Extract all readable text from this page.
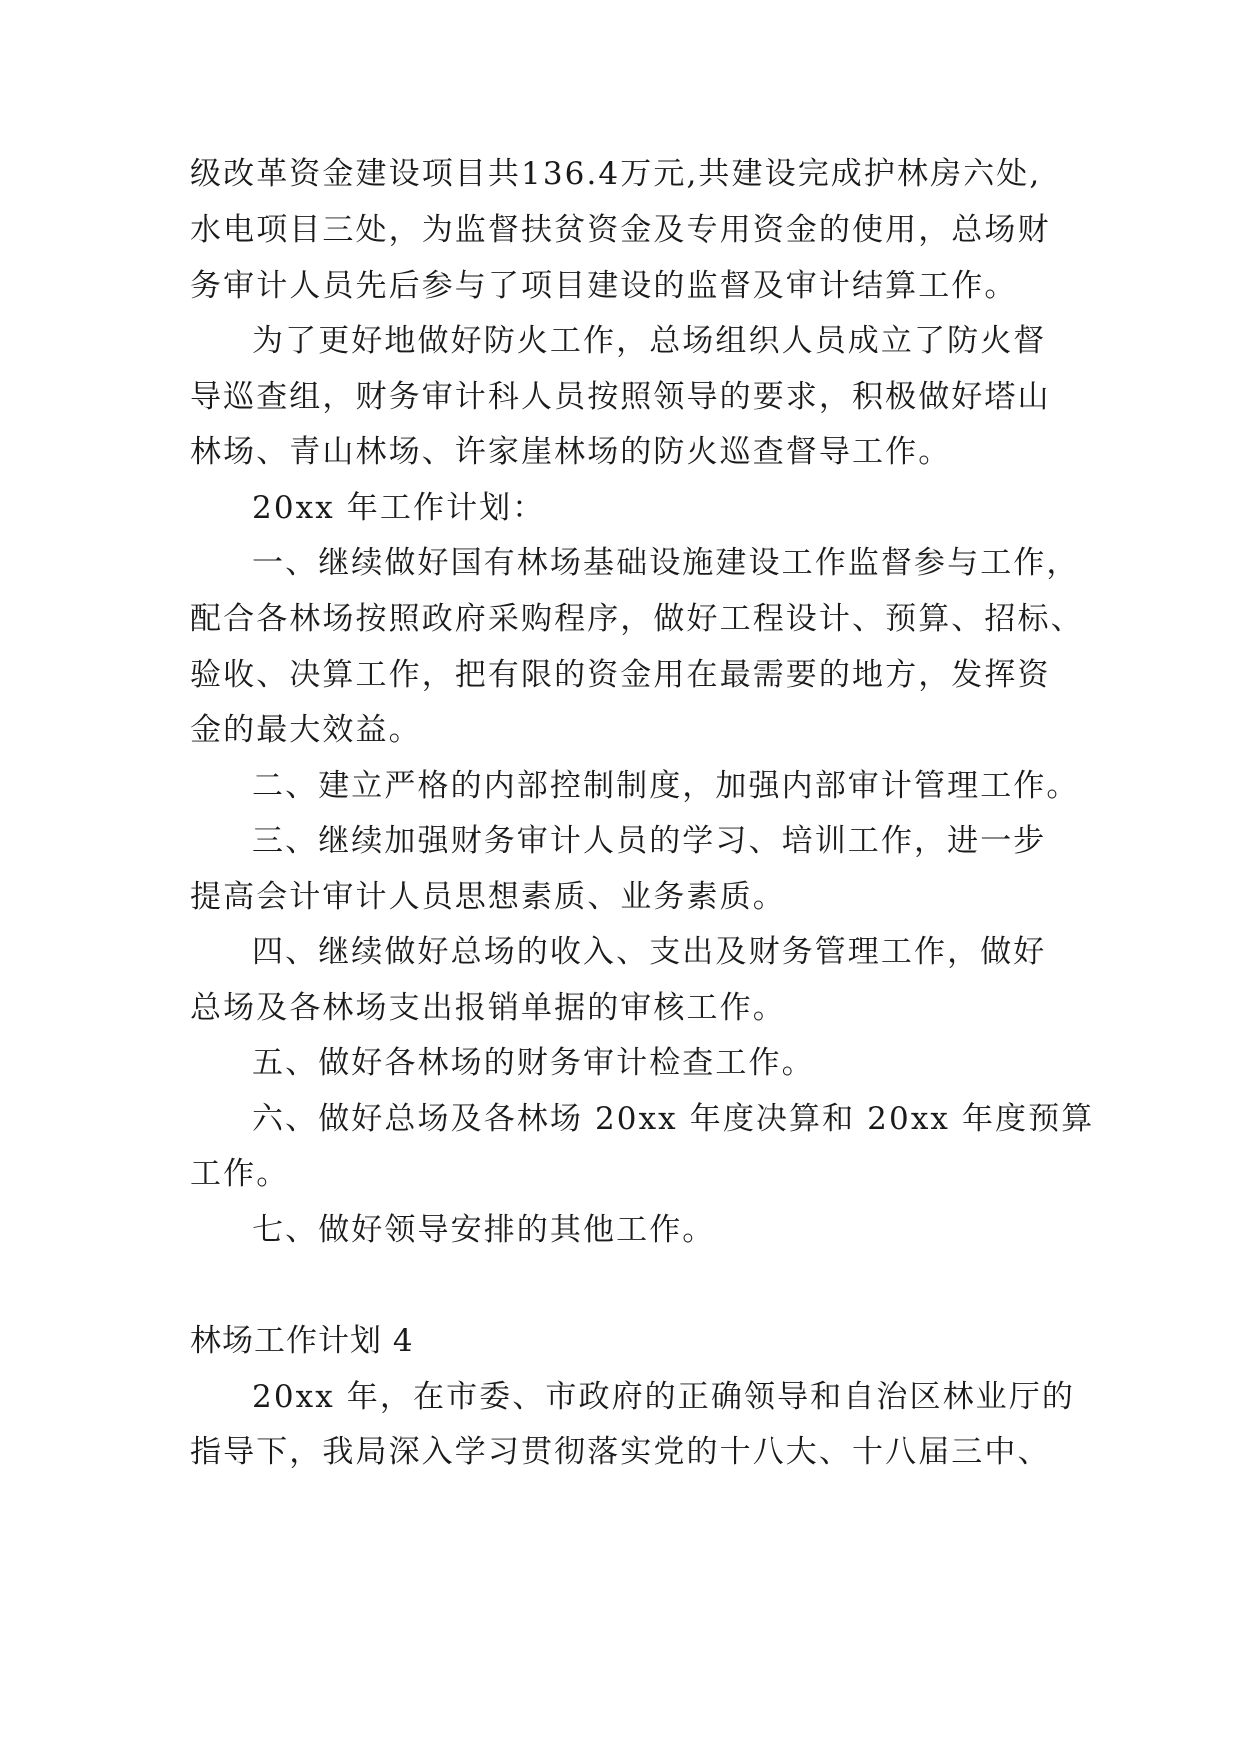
级改革资金建设项目共136.4万元,共建设完成护林房六处,

水电项目三处，为监督扶贫资金及专用资金的使用，总场财

务审计人员先后参与了项目建设的监督及审计结算工作。

为了更好地做好防火工作，总场组织人员成立了防火督

导巡查组，财务审计科人员按照领导的要求，积极做好塔山

林场、青山林场、许家崖林场的防火巡查督导工作。

20xx 年工作计划：

一、继续做好国有林场基础设施建设工作监督参与工作，

配合各林场按照政府采购程序，做好工程设计、预算、招标、

验收、决算工作，把有限的资金用在最需要的地方，发挥资

金的最大效益。

二、建立严格的内部控制制度，加强内部审计管理工作。

三、继续加强财务审计人员的学习、培训工作，进一步

提高会计审计人员思想素质、业务素质。

四、继续做好总场的收入、支出及财务管理工作，做好

总场及各林场支出报销单据的审核工作。

五、做好各林场的财务审计检查工作。

六、做好总场及各林场 20xx 年度决算和 20xx 年度预算

工作。

七、做好领导安排的其他工作。

林场工作计划 4

20xx 年，在市委、市政府的正确领导和自治区林业厅的

指导下，我局深入学习贯彻落实党的十八大、十八届三中、
